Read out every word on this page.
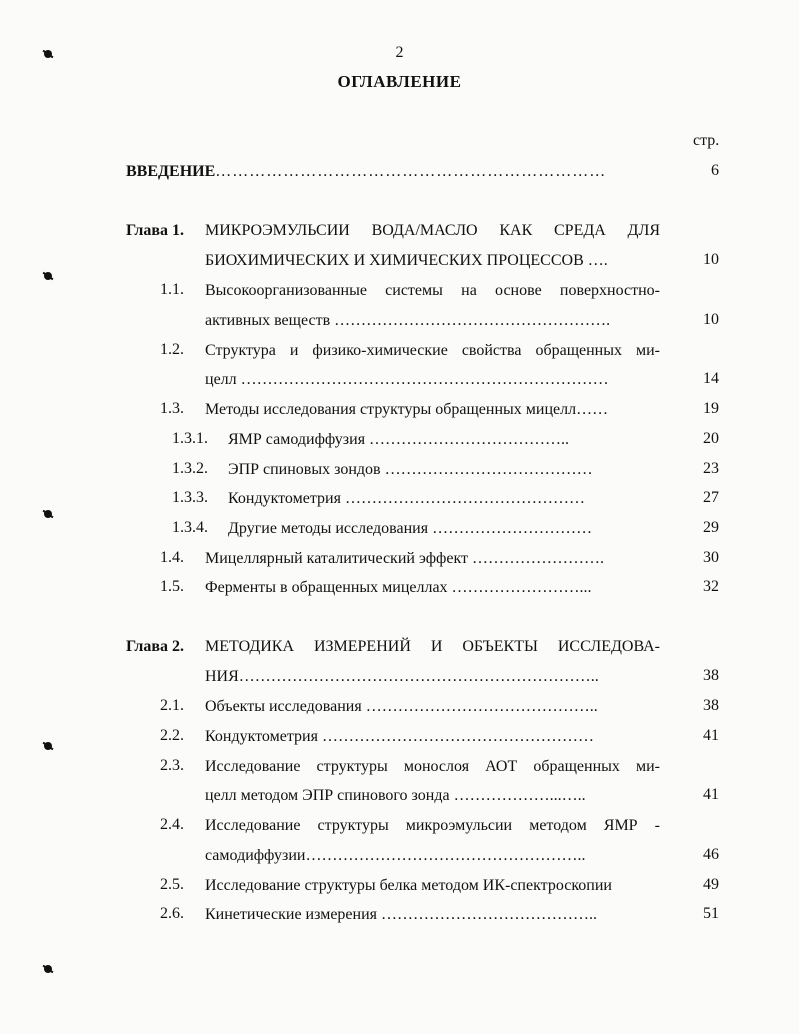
2
ОГЛАВЛЕНИЕ
стр.
ВВЕДЕНИЕ……………………………………………………………	6
Глава 1. МИКРОЭМУЛЬСИИ ВОДА/МАСЛО КАК СРЕДА ДЛЯ
БИОХИМИЧЕСКИХ И ХИМИЧЕСКИХ ПРОЦЕССОВ ….	10
1.1. Высокоорганизованные системы на основе поверхностно-
активных веществ …………………………………………….	10
1.2. Структура и физико-химические свойства обращенных ми-
целл ……………………………………………………………	14
1.3. Методы исследования структуры обращенных мицелл……	19
1.3.1. ЯМР самодиффузия ………………………………..	20
1.3.2. ЭПР спиновых зондов …………………………………	23
1.3.3. Кондуктометрия ………………………………………	27
1.3.4. Другие методы исследования …………………………	29
1.4. Мицеллярный каталитический эффект …………………….	30
1.5. Ферменты в обращенных мицеллах ……………………...	32
Глава 2. МЕТОДИКА ИЗМЕРЕНИЙ И ОБЪЕКТЫ ИССЛЕДОВА-
НИЯ…………………………………………………………..	38
2.1. Объекты исследования ……………………………………..	38
2.2. Кондуктометрия ……………………………………………	41
2.3. Исследование структуры монослоя АОТ обращенных ми-
целл методом ЭПР спинового зонда ………………...…..	41
2.4. Исследование структуры микроэмульсии методом ЯМР -
самодиффузии……………………………………………..	46
2.5. Исследование структуры белка методом ИК-спектроскопии	49
2.6. Кинетические измерения …………………………………..	51
